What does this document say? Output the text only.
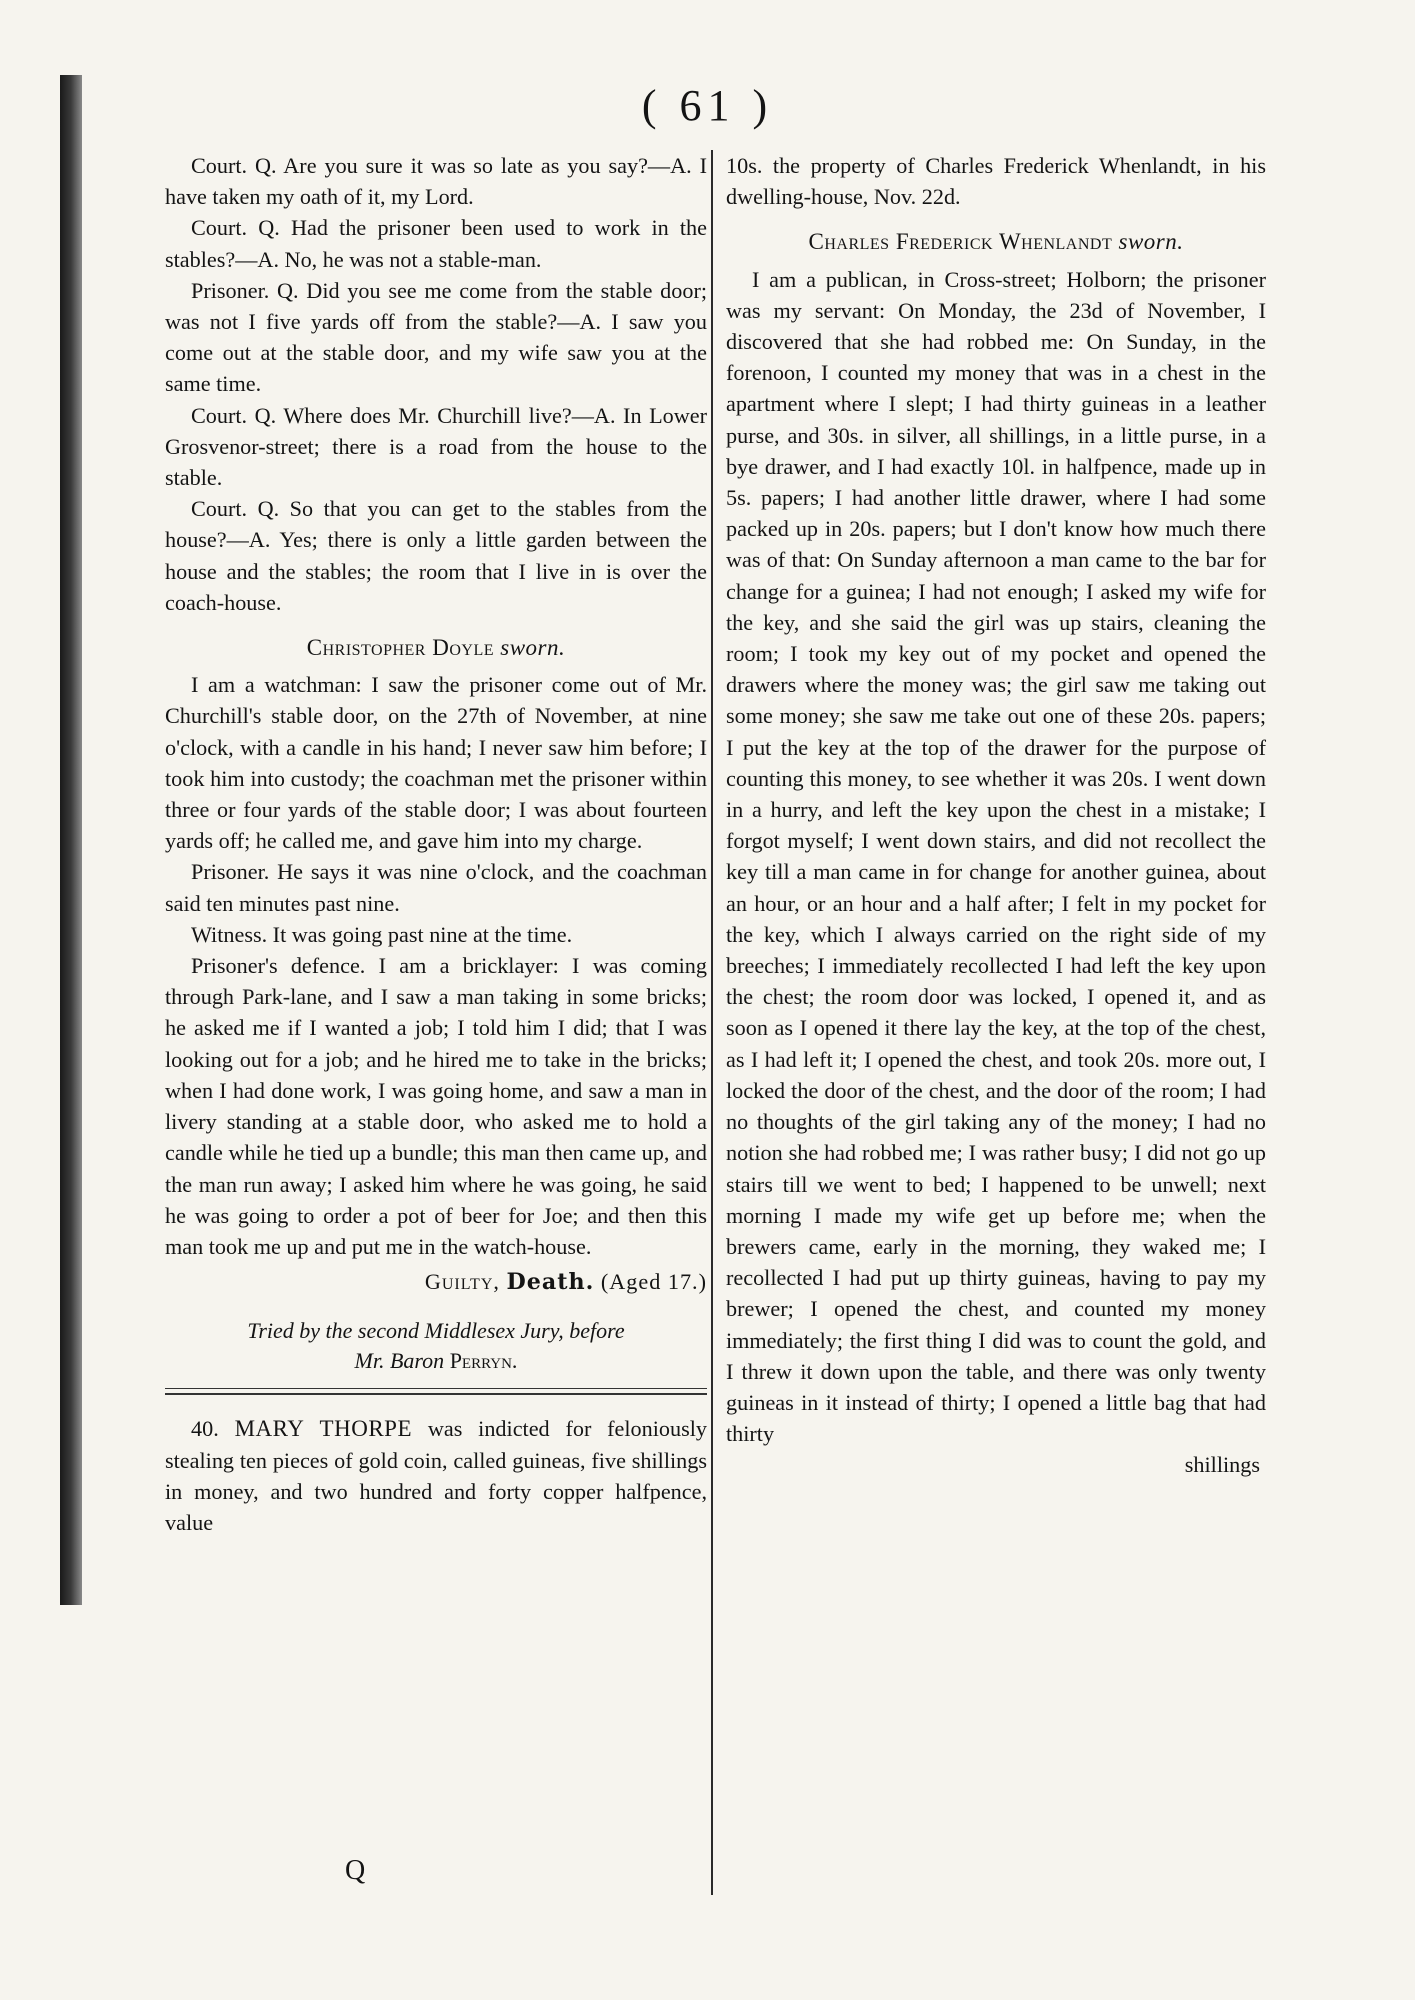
( 61 )

Court. Q. Are you sure it was so late as you say?—A. I have taken my oath of it, my Lord.

Court. Q. Had the prisoner been used to work in the stables?—A. No, he was not a stable-man.

Prisoner. Q. Did you see me come from the stable door; was not I five yards off from the stable?—A. I saw you come out at the stable door, and my wife saw you at the same time.

Court. Q. Where does Mr. Churchill live?—A. In Lower Grosvenor-street; there is a road from the house to the stable.

Court. Q. So that you can get to the stables from the house?—A. Yes; there is only a little garden between the house and the stables; the room that I live in is over the coach-house.

Christopher Doyle sworn.

I am a watchman: I saw the prisoner come out of Mr. Churchill's stable door, on the 27th of November, at nine o'clock, with a candle in his hand; I never saw him before; I took him into custody; the coachman met the prisoner within three or four yards of the stable door; I was about fourteen yards off; he called me, and gave him into my charge.

Prisoner. He says it was nine o'clock, and the coachman said ten minutes past nine.

Witness. It was going past nine at the time.

Prisoner's defence. I am a bricklayer: I was coming through Park-lane, and I saw a man taking in some bricks; he asked me if I wanted a job; I told him I did; that I was looking out for a job; and he hired me to take in the bricks; when I had done work, I was going home, and saw a man in livery standing at a stable door, who asked me to hold a candle while he tied up a bundle; this man then came up, and the man run away; I asked him where he was going, he said he was going to order a pot of beer for Joe; and then this man took me up and put me in the watch-house.

Guilty, Death. (Aged 17.)

Tried by the second Middlesex Jury, before
Mr. Baron Perryn.

40. MARY THORPE was indicted for feloniously stealing ten pieces of gold coin, called guineas, five shillings in money, and two hundred and forty copper halfpence, value

10s. the property of Charles Frederick Whenlandt, in his dwelling-house, Nov. 22d.

Charles Frederick Whenlandt sworn.

I am a publican, in Cross-street; Holborn; the prisoner was my servant: On Monday, the 23d of November, I discovered that she had robbed me: On Sunday, in the forenoon, I counted my money that was in a chest in the apartment where I slept; I had thirty guineas in a leather purse, and 30s. in silver, all shillings, in a little purse, in a bye drawer, and I had exactly 10l. in halfpence, made up in 5s. papers; I had another little drawer, where I had some packed up in 20s. papers; but I don't know how much there was of that: On Sunday afternoon a man came to the bar for change for a guinea; I had not enough; I asked my wife for the key, and she said the girl was up stairs, cleaning the room; I took my key out of my pocket and opened the drawers where the money was; the girl saw me taking out some money; she saw me take out one of these 20s. papers; I put the key at the top of the drawer for the purpose of counting this money, to see whether it was 20s. I went down in a hurry, and left the key upon the chest in a mistake; I forgot myself; I went down stairs, and did not recollect the key till a man came in for change for another guinea, about an hour, or an hour and a half after; I felt in my pocket for the key, which I always carried on the right side of my breeches; I immediately recollected I had left the key upon the chest; the room door was locked, I opened it, and as soon as I opened it there lay the key, at the top of the chest, as I had left it; I opened the chest, and took 20s. more out, I locked the door of the chest, and the door of the room; I had no thoughts of the girl taking any of the money; I had no notion she had robbed me; I was rather busy; I did not go up stairs till we went to bed; I happened to be unwell; next morning I made my wife get up before me; when the brewers came, early in the morning, they waked me; I recollected I had put up thirty guineas, having to pay my brewer; I opened the chest, and counted my money immediately; the first thing I did was to count the gold, and I threw it down upon the table, and there was only twenty guineas in it instead of thirty; I opened a little bag that had thirty

shillings

Q
